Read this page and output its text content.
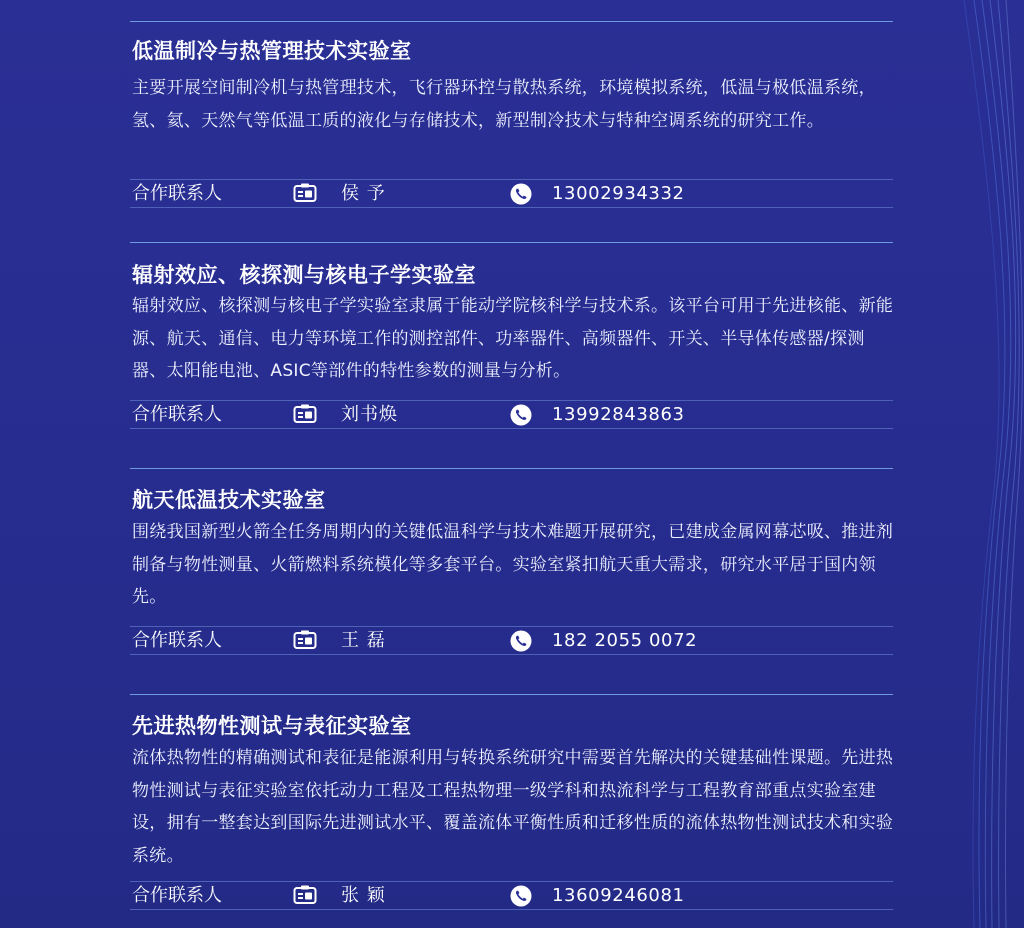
低温制冷与热管理技术实验室
主要开展空间制冷机与热管理技术，飞行器环控与散热系统，环境模拟系统，低温与极低温系统，氢、氦、天然气等低温工质的液化与存储技术，新型制冷技术与特种空调系统的研究工作。
合作联系人	侯 予	13002934332
辐射效应、核探测与核电子学实验室
辐射效应、核探测与核电子学实验室隶属于能动学院核科学与技术系。该平台可用于先进核能、新能源、航天、通信、电力等环境工作的测控部件、功率器件、高频器件、开关、半导体传感器/探测器、太阳能电池、ASIC等部件的特性参数的测量与分析。
合作联系人	刘书焕	13992843863
航天低温技术实验室
围绕我国新型火箭全任务周期内的关键低温科学与技术难题开展研究，已建成金属网幕芯吸、推进剂制备与物性测量、火箭燃料系统模化等多套平台。实验室紧扣航天重大需求，研究水平居于国内领先。
合作联系人	王 磊	182 2055 0072
先进热物性测试与表征实验室
流体热物性的精确测试和表征是能源利用与转换系统研究中需要首先解决的关键基础性课题。先进热物性测试与表征实验室依托动力工程及工程热物理一级学科和热流科学与工程教育部重点实验室建设，拥有一整套达到国际先进测试水平、覆盖流体平衡性质和迁移性质的流体热物性测试技术和实验系统。
合作联系人	张 颖	13609246081
